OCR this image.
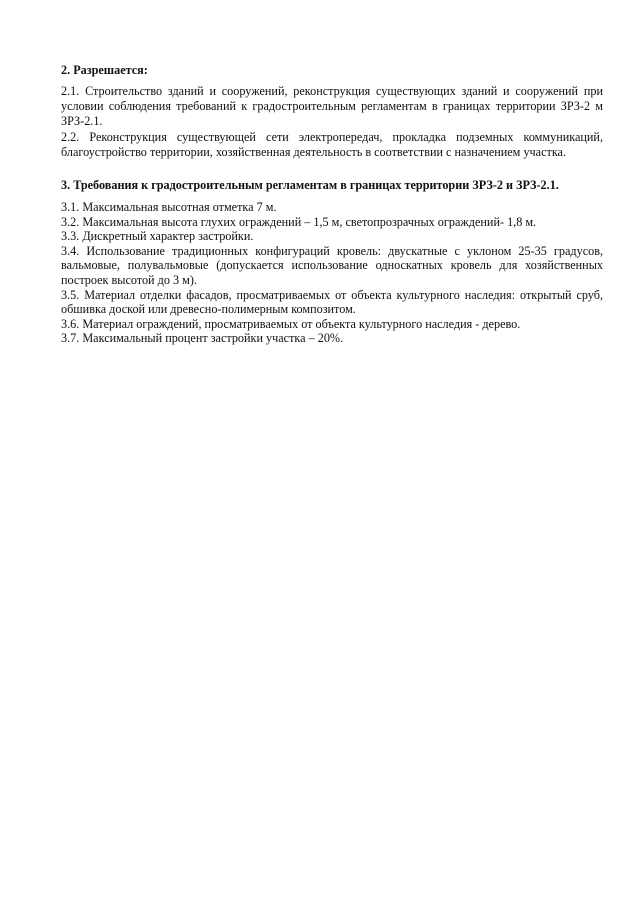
2. Разрешается:

2.1. Строительство зданий и сооружений, реконструкция существующих зданий и сооружений при условии соблюдения требований к градостроительным регламентам в границах территории ЗРЗ-2 м ЗРЗ-2.1.

2.2. Реконструкция существующей сети электропередач, прокладка подземных коммуникаций, благоустройство территории, хозяйственная деятельность в соответствии с назначением участка.

3. Требования к градостроительным регламентам в границах территории ЗРЗ-2 и ЗРЗ-2.1.

3.1. Максимальная высотная отметка 7 м.

3.2. Максимальная высота глухих ограждений – 1,5 м, светопрозрачных ограждений- 1,8 м.

3.3. Дискретный характер застройки.

3.4. Использование традиционных конфигураций кровель: двускатные с уклоном 25-35 градусов, вальмовые, полувальмовые (допускается использование односкатных кровель для хозяйственных построек высотой до 3 м).

3.5. Материал отделки фасадов, просматриваемых от объекта культурного наследия: открытый сруб, обшивка доской или древесно-полимерным композитом.

3.6. Материал ограждений, просматриваемых от объекта культурного наследия - дерево.

3.7. Максимальный процент застройки участка – 20%.
